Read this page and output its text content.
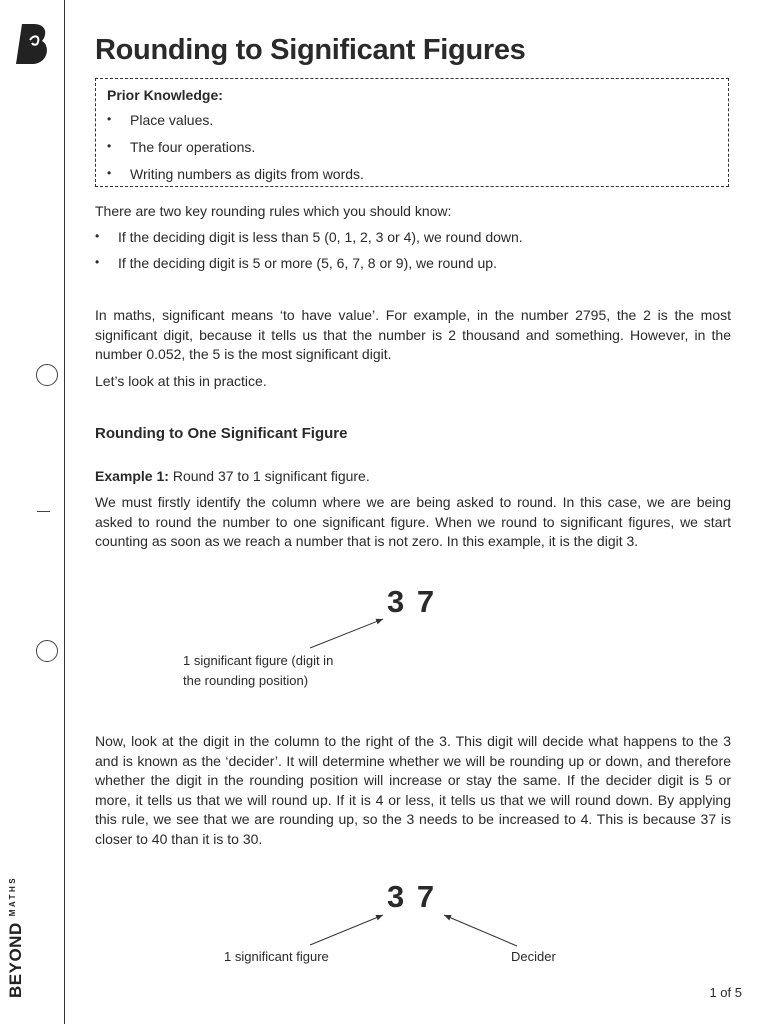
$BEYOND^{MATHS}$
Rounding to Significant Figures
Prior Knowledge:
• Place values.
• The four operations.
• Writing numbers as digits from words.

There are two key rounding rules which you should know:

• If the deciding digit is less than 5 (0, 1, 2, 3 or 4), we round down.
• If the deciding digit is 5 or more (5, 6, 7, 8 or 9), we round up.

In maths, significant means ‘to have value’. For example, in the number 2795, the 2 is the most significant digit, because it tells us that the number is 2 thousand and something. However, in the number 0.052, the 5 is the most significant digit.

Let’s look at this in practice.

Rounding to One Significant Figure

Example 1: Round 37 to 1 significant figure.

We must firstly identify the column where we are being asked to round. In this case, we are being asked to round the number to one significant figure. When we round to significant figures, we start counting as soon as we reach a number that is not zero. In this example, it is the digit 3.

3 7
1 significant figure (digit in
the rounding position)

Now, look at the digit in the column to the right of the 3. This digit will decide what happens to the 3 and is known as the ‘decider’. It will determine whether we will be rounding up or down, and therefore whether the digit in the rounding position will increase or stay the same. If the decider digit is 5 or more, it tells us that we will round up. If it is 4 or less, it tells us that we will round down. By applying this rule, we see that we are rounding up, so the 3 needs to be increased to 4. This is because 37 is closer to 40 than it is to 30.

3 7
1 significant figure	Decider
1 of 5
